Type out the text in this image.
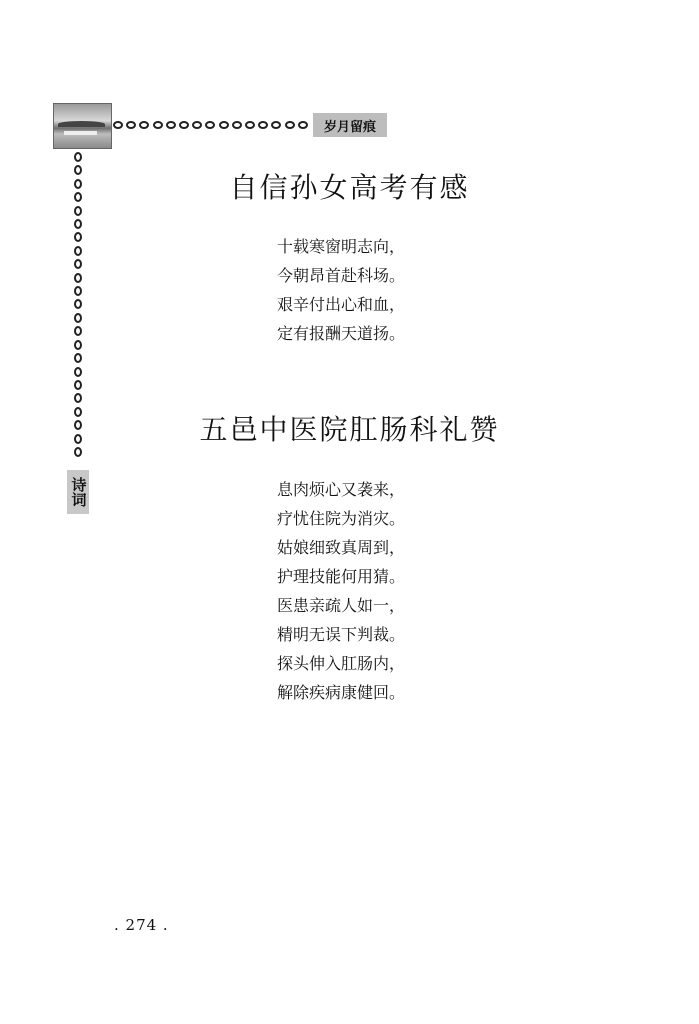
岁月留痕
诗词
自信孙女高考有感
十载寒窗明志向，
今朝昂首赴科场。
艰辛付出心和血，
定有报酬天道扬。
五邑中医院肛肠科礼赞
息肉烦心又袭来，
疗忧住院为消灾。
姑娘细致真周到，
护理技能何用猜。
医患亲疏人如一，
精明无误下判裁。
探头伸入肛肠内，
解除疾病康健回。
. 274 .
